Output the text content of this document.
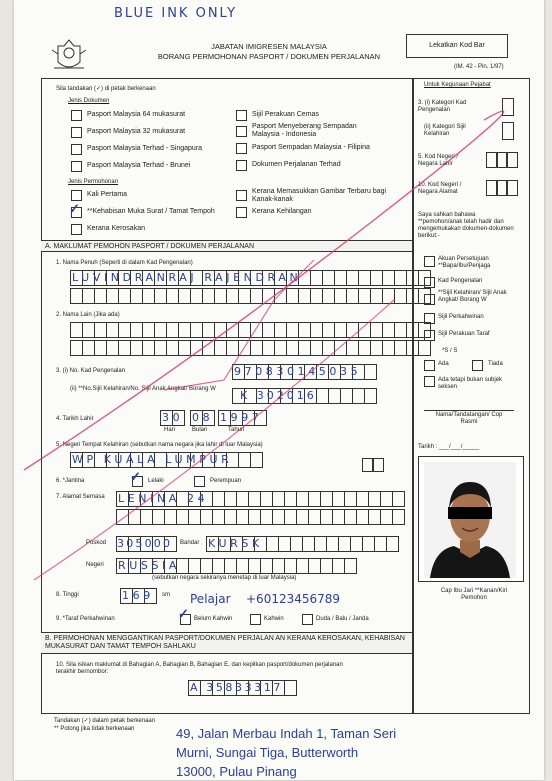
BLUE INK ONLY
JABATAN IMIGRESEN MALAYSIA
BORANG PERMOHONAN PASPORT / DOKUMEN PERJALANAN
Lekatkan Kod Bar
(IM. 42 - Pin. 1/97)
Sila tandakan (✓) di petak berkenaan
Jenis Dokumen
Pasport Malaysia 64 mukasurat
Pasport Malaysia 32 mukasurat
Pasport Malaysia Terhad - Singapura
Pasport Malaysia Terhad - Brunei
Sijil Perakuan Cemas
Pasport Menyeberang Sempadan Malaysia - Indonesia
Pasport Sempadan Malaysia - Filipina
Dokumen Perjalanan Terhad
Jenis Permohonan
Kali Pertama
✓ **Kehabisan Muka Surat / Tamat Tempoh
Kerana Kerosakan
Kerana Memasukkan Gambar Terbaru bagi Kanak-kanak
Kerana Kehilangan
Untuk Kegunaan Pejabat
3. (i) Kategori Kad Pengenalan
(ii) Kategori Sijil Kelahiran
5. Kod Negeri / Negara Lahir
10. Kod Negeri / Negara Alamat
Saya sahkan bahawa **pemohon/anak telah hadir dan mengemukakan dokumen-dokumen berikut:-
Akuan Persetujuan **Bapa/Ibu/Penjaga
Kad Pengenalan
**Sijil Kelahiran/ Sijil Anak Angkat/ Borang W
Sijil Perkahwinan
Sijil Perakuan Taraf
*S / S
Ada	Tiada
Ada tetapi bukan subjek seksen
Nama/Tandatangan/ Cop Rasmi
Tarikh : ___/___/_____
Cap Ibu Jari **Kanan/Kiri Pemohon
A. MAKLUMAT PEMOHON PASPORT / DOKUMEN PERJALANAN
1. Nama Penuh (Seperti di dalam Kad Pengenalan)
LUVINDRANRAJ RAJENDRAN
2. Nama Lain (Jika ada)
3. (i) No. Kad Pengenalan	970830145035
(ii) **No.Sijil Kelahiran/No. Sijil Anak Angkat/ Borang W	K 302016
4. Tarikh Lahir	30 08 1997
Hari	Bulan	Tahun
5. Negeri Tempat Kelahiran (sebutkan nama negara jika lahir di luar Malaysia)
WP KUALA LUMPUR
6. *Jantina	✓ Lelaki	Perempuan
7. Alamat Semasa LENINA 24
Poskod 305000 Bandar KURSK
Negeri RUSSIA
(sebutkan negara sekiranya menetap di luar Malaysia)
8. Tinggi	169 sm Pelajar +60123456789
9. *Taraf Perkahwinan	✓ Belum Kahwin	Kahwin	Duda / Balu / Janda
B. PERMOHONAN MENGGANTIKAN PASPORT/DOKUMEN PERJALAN AN KERANA KEROSAKAN, KEHABISAN MUKASURAT DAN TAMAT TEMPOH SAHLAKU
10. Sila isikan maklumat di Bahagian A, Bahagian B, Bahagian E, dan kepilkan pasport/dokumen perjalanan terakhir bernombor:
A 35833317
Tandakan (✓) dalam petak berkenaan
** Potong jika tidak berkenaan	49, Jalan Merbau Indah 1, Taman Seri
Murni, Sungai Tiga, Butterworth
13000, Pulau Pinang
